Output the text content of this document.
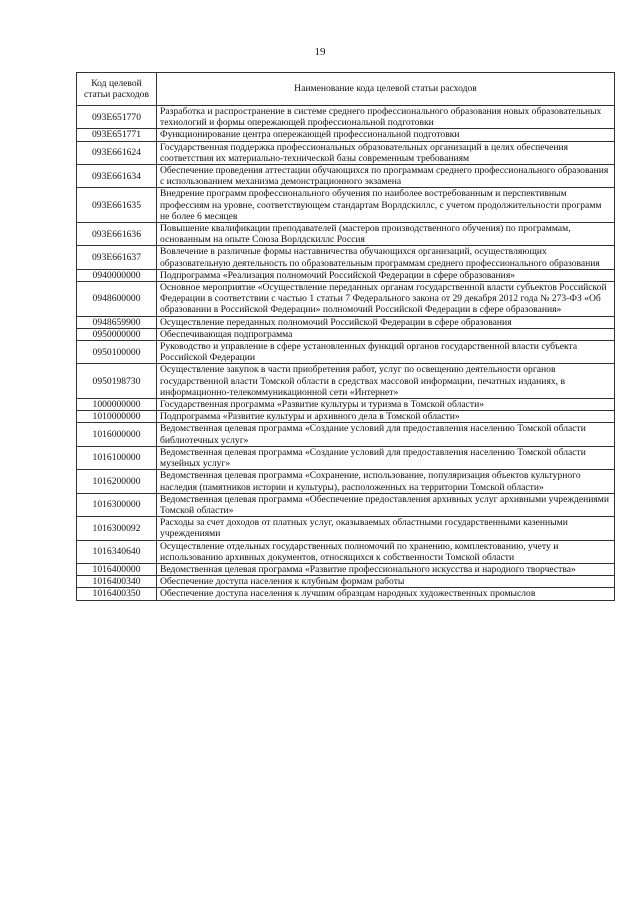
19
Код целевой статьи расходов	Наименование кода целевой статьи расходов
093E651770	Разработка и распространение в системе среднего профессионального образования новых образовательных технологий и формы опережающей профессиональной подготовки
093E651771	Функционирование центра опережающей профессиональной подготовки
093E661624	Государственная поддержка профессиональных образовательных организаций в целях обеспечения соответствия их материально-технической базы современным требованиям
093E661634	Обеспечение проведения аттестации обучающихся по программам среднего профессионального образования с использованием механизма демонстрационного экзамена
093E661635	Внедрение программ профессионального обучения по наиболее востребованным и перспективным профессиям на уровне, соответствующем стандартам Ворлдскиллс, с учетом продолжительности программ не более 6 месяцев
093E661636	Повышение квалификации преподавателей (мастеров производственного обучения) по программам, основанным на опыте Союза Ворлдскиллс Россия
093E661637	Вовлечение в различные формы наставничества обучающихся организаций, осуществляющих образовательную деятельность по образовательным программам среднего профессионального образования
0940000000	Подпрограмма «Реализация полномочий Российской Федерации в сфере образования»
0948600000	Основное мероприятие «Осуществление переданных органам государственной власти субъектов Российской Федерации в соответствии с частью 1 статьи 7 Федерального закона от 29 декабря 2012 года № 273-ФЗ «Об образовании в Российской Федерации» полномочий Российской Федерации в сфере образования»
0948659900	Осуществление переданных полномочий Российской Федерации в сфере образования
0950000000	Обеспечивающая подпрограмма
0950100000	Руководство и управление в сфере установленных функций органов государственной власти субъекта Российской Федерации
0950198730	Осуществление закупок в части приобретения работ, услуг по освещению деятельности органов государственной власти Томской области в средствах массовой информации, печатных изданиях, в информационно-телекоммуникационной сети «Интернет»
1000000000	Государственная программа «Развитие культуры и туризма в Томской области»
1010000000	Подпрограмма «Развитие культуры и архивного дела в Томской области»
1016000000	Ведомственная целевая программа «Создание условий для предоставления населению Томской области библиотечных услуг»
1016100000	Ведомственная целевая программа «Создание условий для предоставления населению Томской области музейных услуг»
1016200000	Ведомственная целевая программа «Сохранение, использование, популяризация объектов культурного наследия (памятников истории и культуры), расположенных на территории Томской области»
1016300000	Ведомственная целевая программа «Обеспечение предоставления архивных услуг архивными учреждениями Томской области»
1016300092	Расходы за счет доходов от платных услуг, оказываемых областными государственными казенными учреждениями
1016340640	Осуществление отдельных государственных полномочий по хранению, комплектованию, учету и использованию архивных документов, относящихся к собственности Томской области
1016400000	Ведомственная целевая программа «Развитие профессионального искусства и народного творчества»
1016400340	Обеспечение доступа населения к клубным формам работы
1016400350	Обеспечение доступа населения к лучшим образцам народных художественных промыслов
